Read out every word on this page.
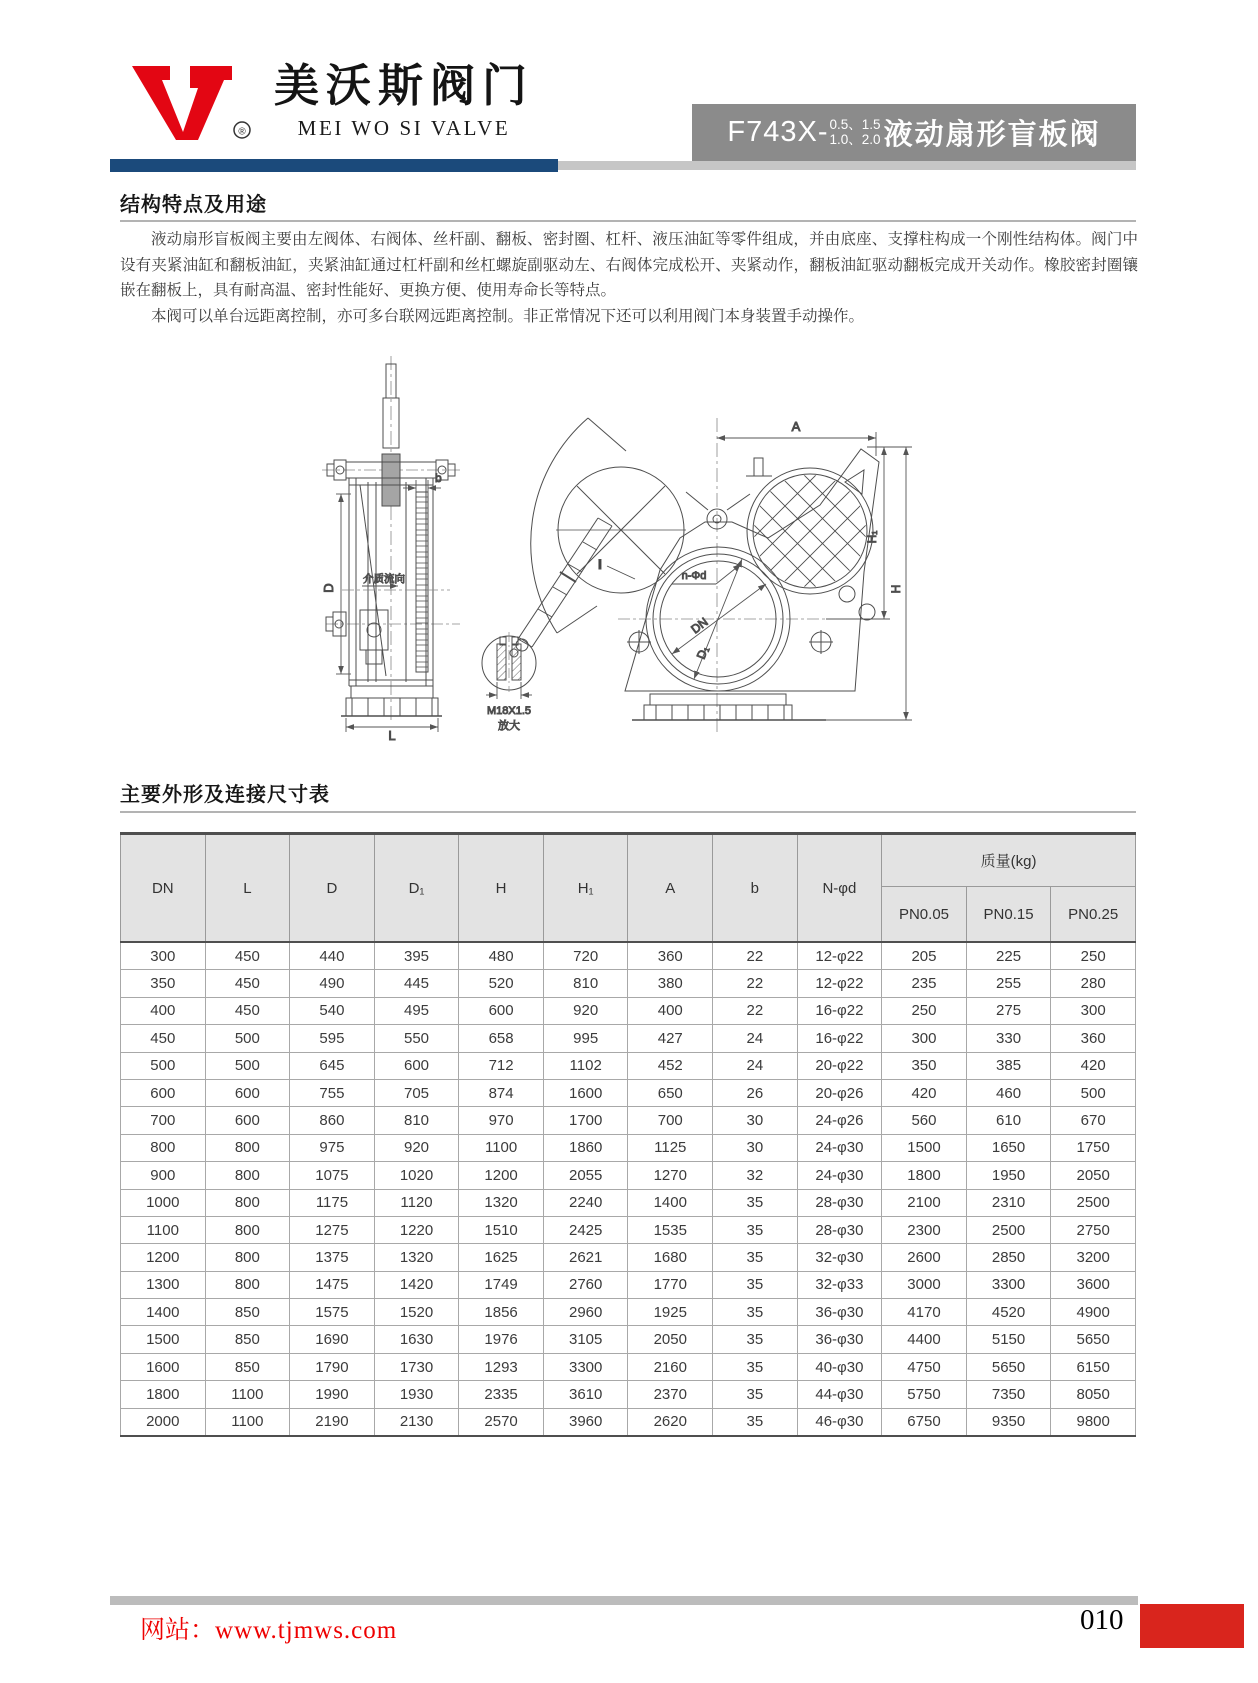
®
美沃斯阀门
MEI WO SI VALVE	F743X- 0.5、1.5
1.0、2.0 液动扇形盲板阀
结构特点及用途

液动扇形盲板阀主要由左阀体、右阀体、丝杆副、翻板、密封圈、杠杆、液压油缸等零件组成，并由底座、支撑柱构成一个刚性结构体。阀门中设有夹紧油缸和翻板油缸，夹紧油缸通过杠杆副和丝杠螺旋副驱动左、右阀体完成松开、夹紧动作，翻板油缸驱动翻板完成开关动作。橡胶密封圈镶嵌在翻板上，具有耐高温、密封性能好、更换方便、使用寿命长等特点。

本阀可以单台远距离控制，亦可多台联网远距离控制。非正常情况下还可以利用阀门本身装置手动操作。

D
b
介质流向
L
M18X1.5
放大
I
n-Φd
DN
D₁
A
H₁
H
主要外形及连接尺寸表
DN	L	D	D₁	H	H₁	A	b	N-φd	质量(kg)		
									PN0.05	PN0.15	PN0.25
300	450	440	395	480	720	360	22	12-φ22	205	225	250
350	450	490	445	520	810	380	22	12-φ22	235	255	280
400	450	540	495	600	920	400	22	16-φ22	250	275	300
450	500	595	550	658	995	427	24	16-φ22	300	330	360
500	500	645	600	712	1102	452	24	20-φ22	350	385	420
600	600	755	705	874	1600	650	26	20-φ26	420	460	500
700	600	860	810	970	1700	700	30	24-φ26	560	610	670
800	800	975	920	1100	1860	1125	30	24-φ30	1500	1650	1750
900	800	1075	1020	1200	2055	1270	32	24-φ30	1800	1950	2050
1000	800	1175	1120	1320	2240	1400	35	28-φ30	2100	2310	2500
1100	800	1275	1220	1510	2425	1535	35	28-φ30	2300	2500	2750
1200	800	1375	1320	1625	2621	1680	35	32-φ30	2600	2850	3200
1300	800	1475	1420	1749	2760	1770	35	32-φ33	3000	3300	3600
1400	850	1575	1520	1856	2960	1925	35	36-φ30	4170	4520	4900
1500	850	1690	1630	1976	3105	2050	35	36-φ30	4400	5150	5650
1600	850	1790	1730	1293	3300	2160	35	40-φ30	4750	5650	6150
1800	1100	1990	1930	2335	3610	2370	35	44-φ30	5750	7350	8050
2000	1100	2190	2130	2570	3960	2620	35	46-φ30	6750	9350	9800
网站：www.tjmws.com	010
